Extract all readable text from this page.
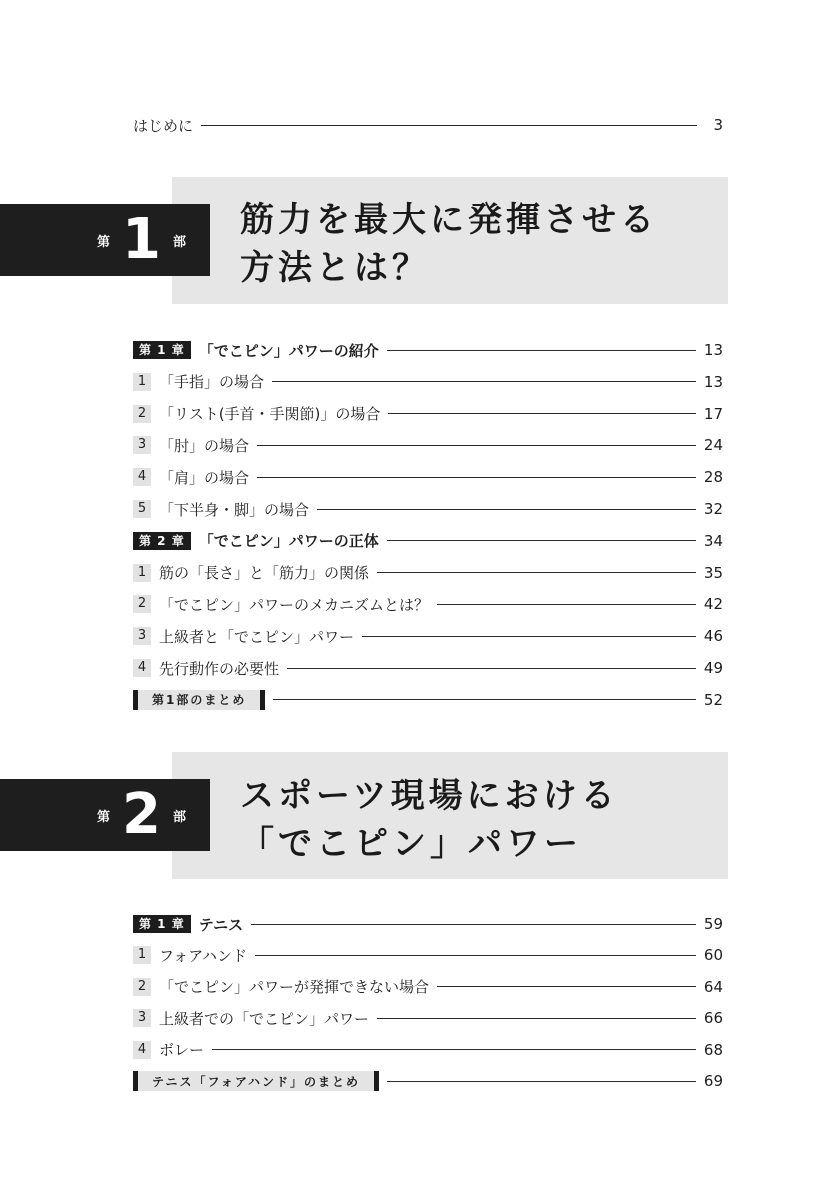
はじめに	3
第 1 部
筋力を最大に発揮させる
方法とは？
第 1 章 「でこピン」パワーの紹介	13
1 「手指」の場合	13
2 「リスト(手首・手関節)」の場合	17
3 「肘」の場合	24
4 「肩」の場合	28
5 「下半身・脚」の場合	32
第 2 章 「でこピン」パワーの正体	34
1 筋の「長さ」と「筋力」の関係	35
2 「でこピン」パワーのメカニズムとは？	42
3 上級者と「でこピン」パワー	46
4 先行動作の必要性	49
第1部のまとめ	52
第 2 部
スポーツ現場における
「でこピン」パワー
第 1 章 テニス	59
1 フォアハンド	60
2 「でこピン」パワーが発揮できない場合	64
3 上級者での「でこピン」パワー	66
4 ボレー	68
テニス「フォアハンド」のまとめ	69
